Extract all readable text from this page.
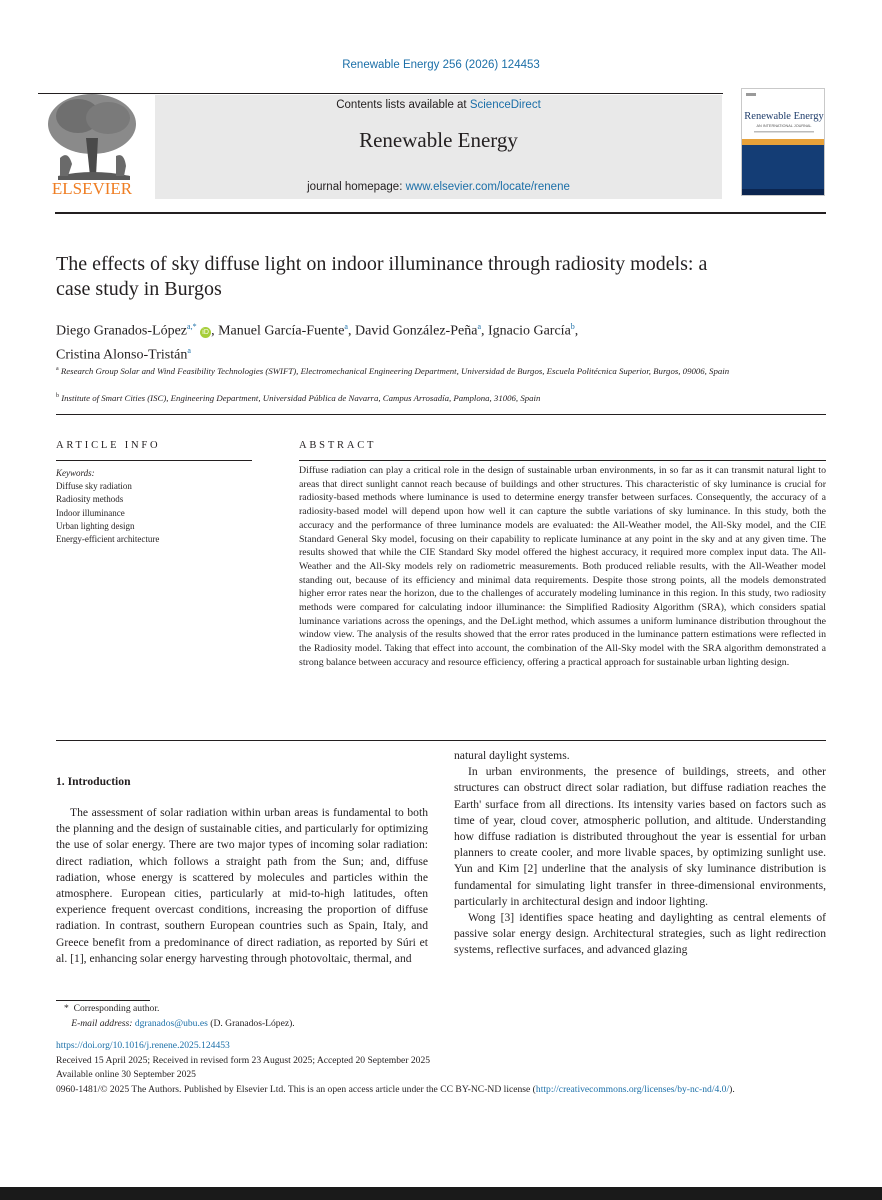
Renewable Energy 256 (2026) 124453
ELSEVIER
Contents lists available at ScienceDirect
Renewable Energy
journal homepage: www.elsevier.com/locate/renene
Renewable Energy
AN INTERNATIONAL JOURNAL
The effects of sky diffuse light on indoor illuminance through radiosity models: a case study in Burgos
Diego Granados-López$^{a,*}$ iD , Manuel García-Fuente$^a$, David González-Peña$^a$, Ignacio García$^b$,
Cristina Alonso-Tristán$^a$
$^a$ Research Group Solar and Wind Feasibility Technologies (SWIFT), Electromechanical Engineering Department, Universidad de Burgos, Escuela Politécnica Superior, Burgos, 09006, Spain
$^b$ Institute of Smart Cities (ISC), Engineering Department, Universidad Pública de Navarra, Campus Arrosadía, Pamplona, 31006, Spain
ARTICLE INFO
Keywords:
Diffuse sky radiation
Radiosity methods
Indoor illuminance
Urban lighting design
Energy-efficient architecture
ABSTRACT
Diffuse radiation can play a critical role in the design of sustainable urban environments, in so far as it can transmit natural light to areas that direct sunlight cannot reach because of buildings and other structures. This characteristic of sky luminance is crucial for radiosity-based methods where luminance is used to determine energy transfer between surfaces. Consequently, the accuracy of a radiosity-based model will depend upon how well it can capture the subtle variations of sky luminance. In this study, both the accuracy and the performance of three luminance models are evaluated: the All-Weather model, the All-Sky model, and the CIE Standard General Sky model, focusing on their capability to replicate luminance at any point in the sky and at any given time. The results showed that while the CIE Standard Sky model offered the highest accuracy, it required more complex input data. The All-Weather and the All-Sky models rely on radiometric measurements. Both produced reliable results, with the All-Weather model standing out, because of its efficiency and minimal data requirements. Despite those strong points, all the models demonstrated higher error rates near the horizon, due to the challenges of accurately modeling luminance in this region. In this study, two radiosity methods were compared for calculating indoor illuminance: the Simplified Radiosity Algorithm (SRA), which considers spatial luminance variations across the openings, and the DeLight method, which assumes a uniform luminance distribution throughout the window view. The analysis of the results showed that the error rates produced in the luminance pattern estimations were reflected in the Radiosity model. Taking that effect into account, the combination of the All-Sky model with the SRA algorithm demonstrated a strong balance between accuracy and resource efficiency, offering a practical approach for sustainable urban lighting design.
1. Introduction

The assessment of solar radiation within urban areas is fundamental to both the planning and the design of sustainable cities, and particularly for optimizing the use of solar energy. There are two major types of incoming solar radiation: direct radiation, which follows a straight path from the Sun; and, diffuse radiation, whose energy is scattered by molecules and particles within the atmosphere. European cities, particularly at mid-to-high latitudes, often experience frequent overcast conditions, increasing the proportion of diffuse radiation. In contrast, southern European countries such as Spain, Italy, and Greece benefit from a predominance of direct radiation, as reported by Súri et al. [1], enhancing solar energy harvesting through photovoltaic, thermal, and

natural daylight systems.

In urban environments, the presence of buildings, streets, and other structures can obstruct direct solar radiation, but diffuse radiation reaches the Earth' surface from all directions. Its intensity varies based on factors such as time of year, cloud cover, atmospheric pollution, and altitude. Understanding how diffuse radiation is distributed throughout the year is essential for urban planners to create cooler, and more livable spaces, by optimizing sunlight use. Yun and Kim [2] underline that the analysis of sky luminance distribution is fundamental for simulating light transfer in three-dimensional environments, particularly in architectural design and indoor lighting.

Wong [3] identifies space heating and daylighting as central elements of passive solar energy design. Architectural strategies, such as light redirection systems, reflective surfaces, and advanced glazing

* Corresponding author.
E-mail address: dgranados@ubu.es (D. Granados-López).
https://doi.org/10.1016/j.renene.2025.124453
Received 15 April 2025; Received in revised form 23 August 2025; Accepted 20 September 2025
Available online 30 September 2025
0960-1481/© 2025 The Authors. Published by Elsevier Ltd. This is an open access article under the CC BY-NC-ND license (http://creativecommons.org/licenses/by-nc-nd/4.0/).
